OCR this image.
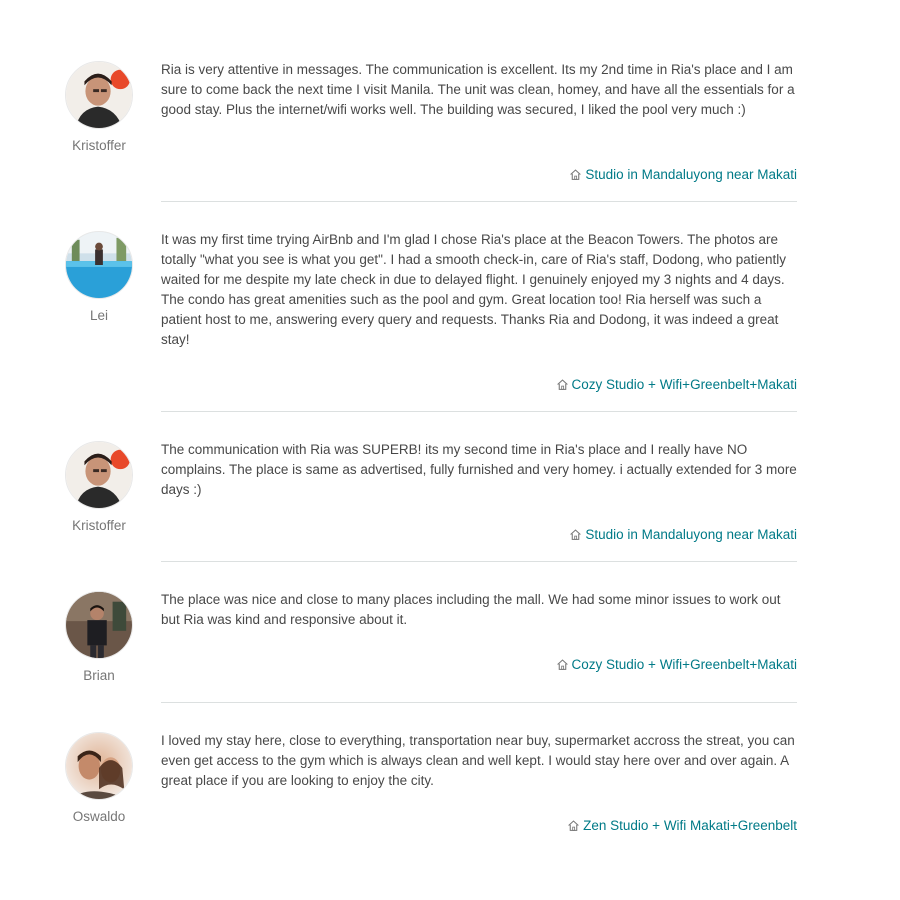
Kristoffer

Ria is very attentive in messages. The communication is excellent. Its my 2nd time in Ria's place and I am sure to come back the next time I visit Manila. The unit was clean, homey, and have all the essentials for a good stay. Plus the internet/wifi works well. The building was secured, I liked the pool very much :)

Studio in Mandaluyong near Makati
Lei

It was my first time trying AirBnb and I'm glad I chose Ria's place at the Beacon Towers. The photos are totally "what you see is what you get". I had a smooth check-in, care of Ria's staff, Dodong, who patiently waited for me despite my late check in due to delayed flight. I genuinely enjoyed my 3 nights and 4 days. The condo has great amenities such as the pool and gym. Great location too! Ria herself was such a patient host to me, answering every query and requests. Thanks Ria and Dodong, it was indeed a great stay!

Cozy Studio + Wifi+Greenbelt+Makati
Kristoffer

The communication with Ria was SUPERB! its my second time in Ria's place and I really have NO complains. The place is same as advertised, fully furnished and very homey. i actually extended for 3 more days :)

Studio in Mandaluyong near Makati
Brian

The place was nice and close to many places including the mall. We had some minor issues to work out but Ria was kind and responsive about it.

Cozy Studio + Wifi+Greenbelt+Makati
Oswaldo

I loved my stay here, close to everything, transportation near buy, supermarket accross the streat, you can even get access to the gym which is always clean and well kept. I would stay here over and over again. A great place if you are looking to enjoy the city.

Zen Studio + Wifi Makati+Greenbelt
